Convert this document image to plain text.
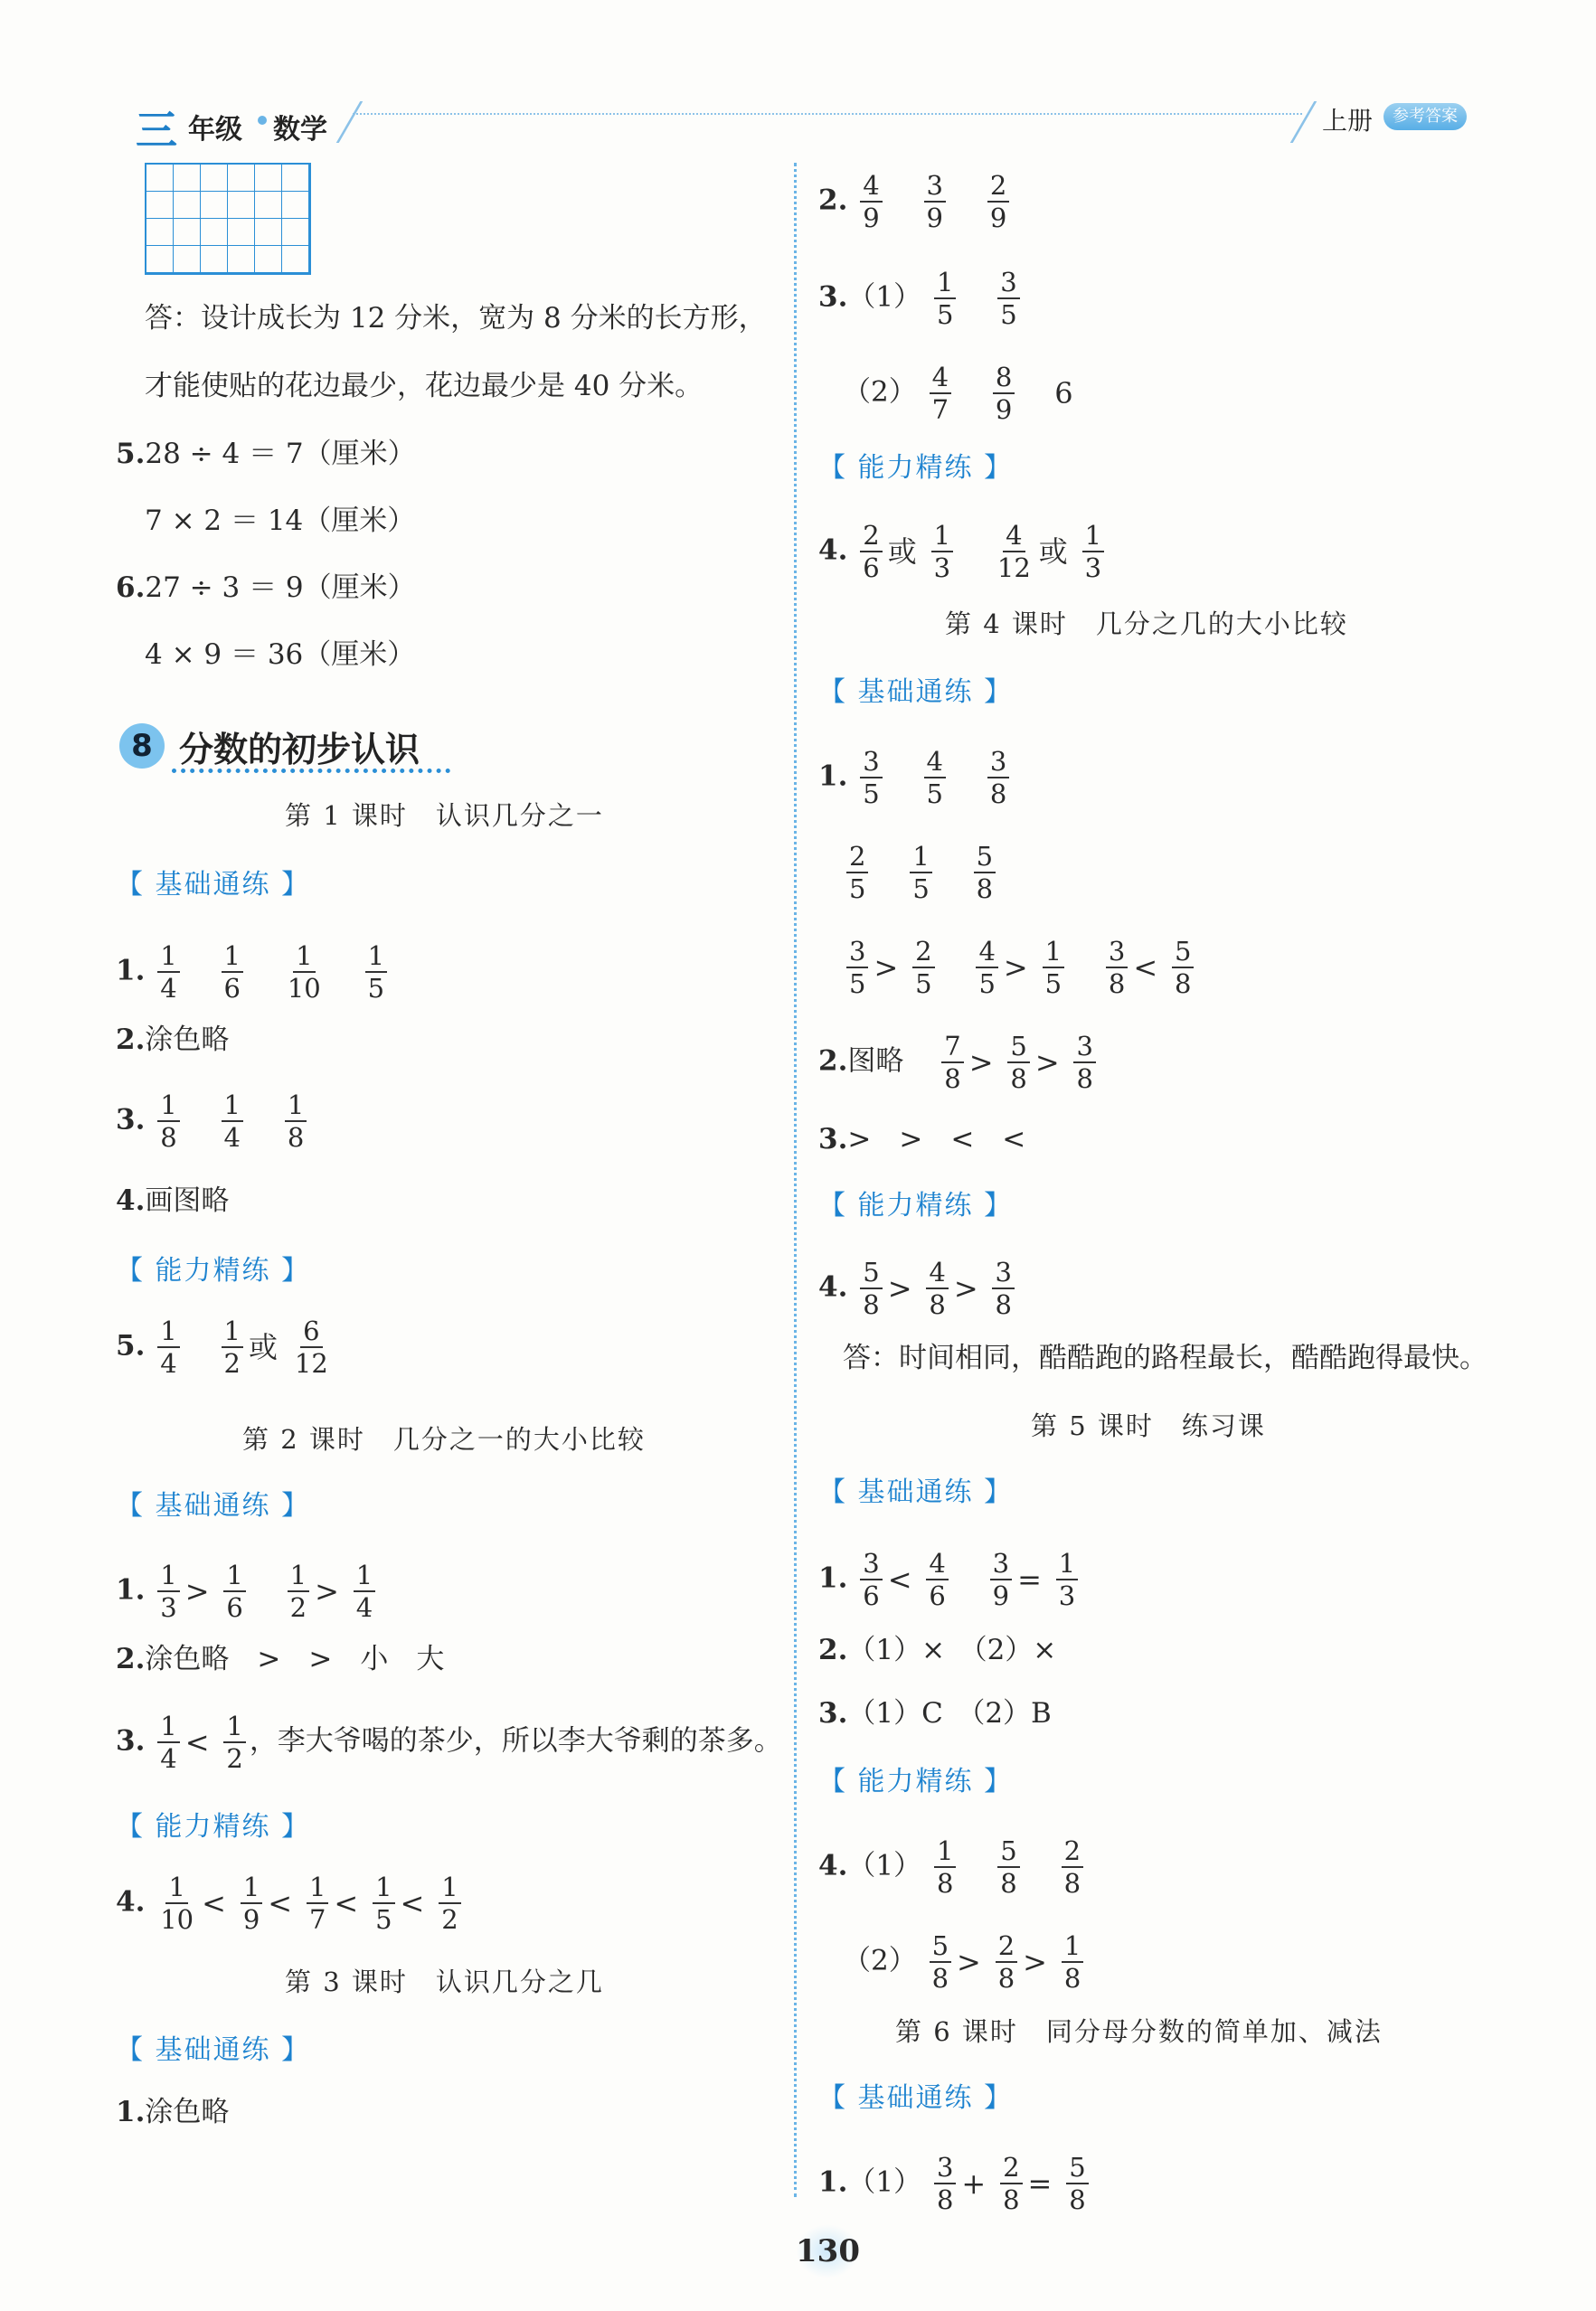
三 年级 数学	上册	参考答案
答：设计成长为 12 分米，宽为 8 分米的长方形，
才能使贴的花边最少，花边最少是 40 分米。
5.28 ÷ 4 ＝ 7（厘米）
7 × 2 ＝ 14（厘米）
6.27 ÷ 3 ＝ 9（厘米）
4 × 9 ＝ 36（厘米）
8 分数的初步认识
第 1 课时　认识几分之一
【 基础通练 】
1. $\frac{1}{4}$
$\frac{1}{6}$
$\frac{1}{10}$
$\frac{1}{5}$
2.涂色略
3. $\frac{1}{8}$
$\frac{1}{4}$
$\frac{1}{8}$
4.画图略
【 能力精练 】
5. $\frac{1}{4}$
$\frac{1}{2}$ 或 $\frac{6}{12}$
第 2 课时　几分之一的大小比较
【 基础通练 】
1. $\frac{1}{3} > \frac{1}{6}$
$\frac{1}{2} > \frac{1}{4}$
2.涂色略　>　>　小　大
3. $\frac{1}{4} < \frac{1}{2}$ ，李大爷喝的茶少，所以李大爷剩的茶多。
【 能力精练 】
4. $\frac{1}{10} < \frac{1}{9} < \frac{1}{7} < \frac{1}{5} < \frac{1}{2}$
第 3 课时　认识几分之几
【 基础通练 】
1.涂色略
2. $\frac{4}{9}$
$\frac{3}{9}$
$\frac{2}{9}$
$3.(1) \frac{1}{5}$
$\frac{3}{5}$
$(2) \frac{4}{7}$
$\frac{8}{9} 6$
【 能力精练 】
4. $\frac{2}{6}$ 或 $\frac{1}{3}$
$\frac{4}{12}$ 或 $\frac{1}{3}$
第 4 课时　几分之几的大小比较
【 基础通练 】
1. $\frac{3}{5}$
$\frac{4}{5}$
$\frac{3}{8}$
$\frac{2}{5}$
$\frac{1}{5}$
$\frac{5}{8}$
$\frac{3}{5} > \frac{2}{5}$
$\frac{4}{5} > \frac{1}{5}$
$\frac{3}{8} < \frac{5}{8}$
2.图略 $\frac{7}{8} > \frac{5}{8} > \frac{3}{8}$
3.>　>　<　<
【 能力精练 】
4. $\frac{5}{8} > \frac{4}{8} > \frac{3}{8}$
答：时间相同，酷酷跑的路程最长，酷酷跑得最快。
第 5 课时　练习课
【 基础通练 】
1. $\frac{3}{6} < \frac{4}{6}$
$\frac{3}{9} = \frac{1}{3}$
2.（1）×　（2）×
3.（1）C　（2）B
【 能力精练 】
$4.(1) \frac{1}{8}$
$\frac{5}{8}$
$\frac{2}{8}$
$(2) \frac{5}{8} > \frac{2}{8} > \frac{1}{8}$
第 6 课时　同分母分数的简单加、减法
【 基础通练 】
$1.(1) \frac{3}{8} + \frac{2}{8} = \frac{5}{8}$
130
